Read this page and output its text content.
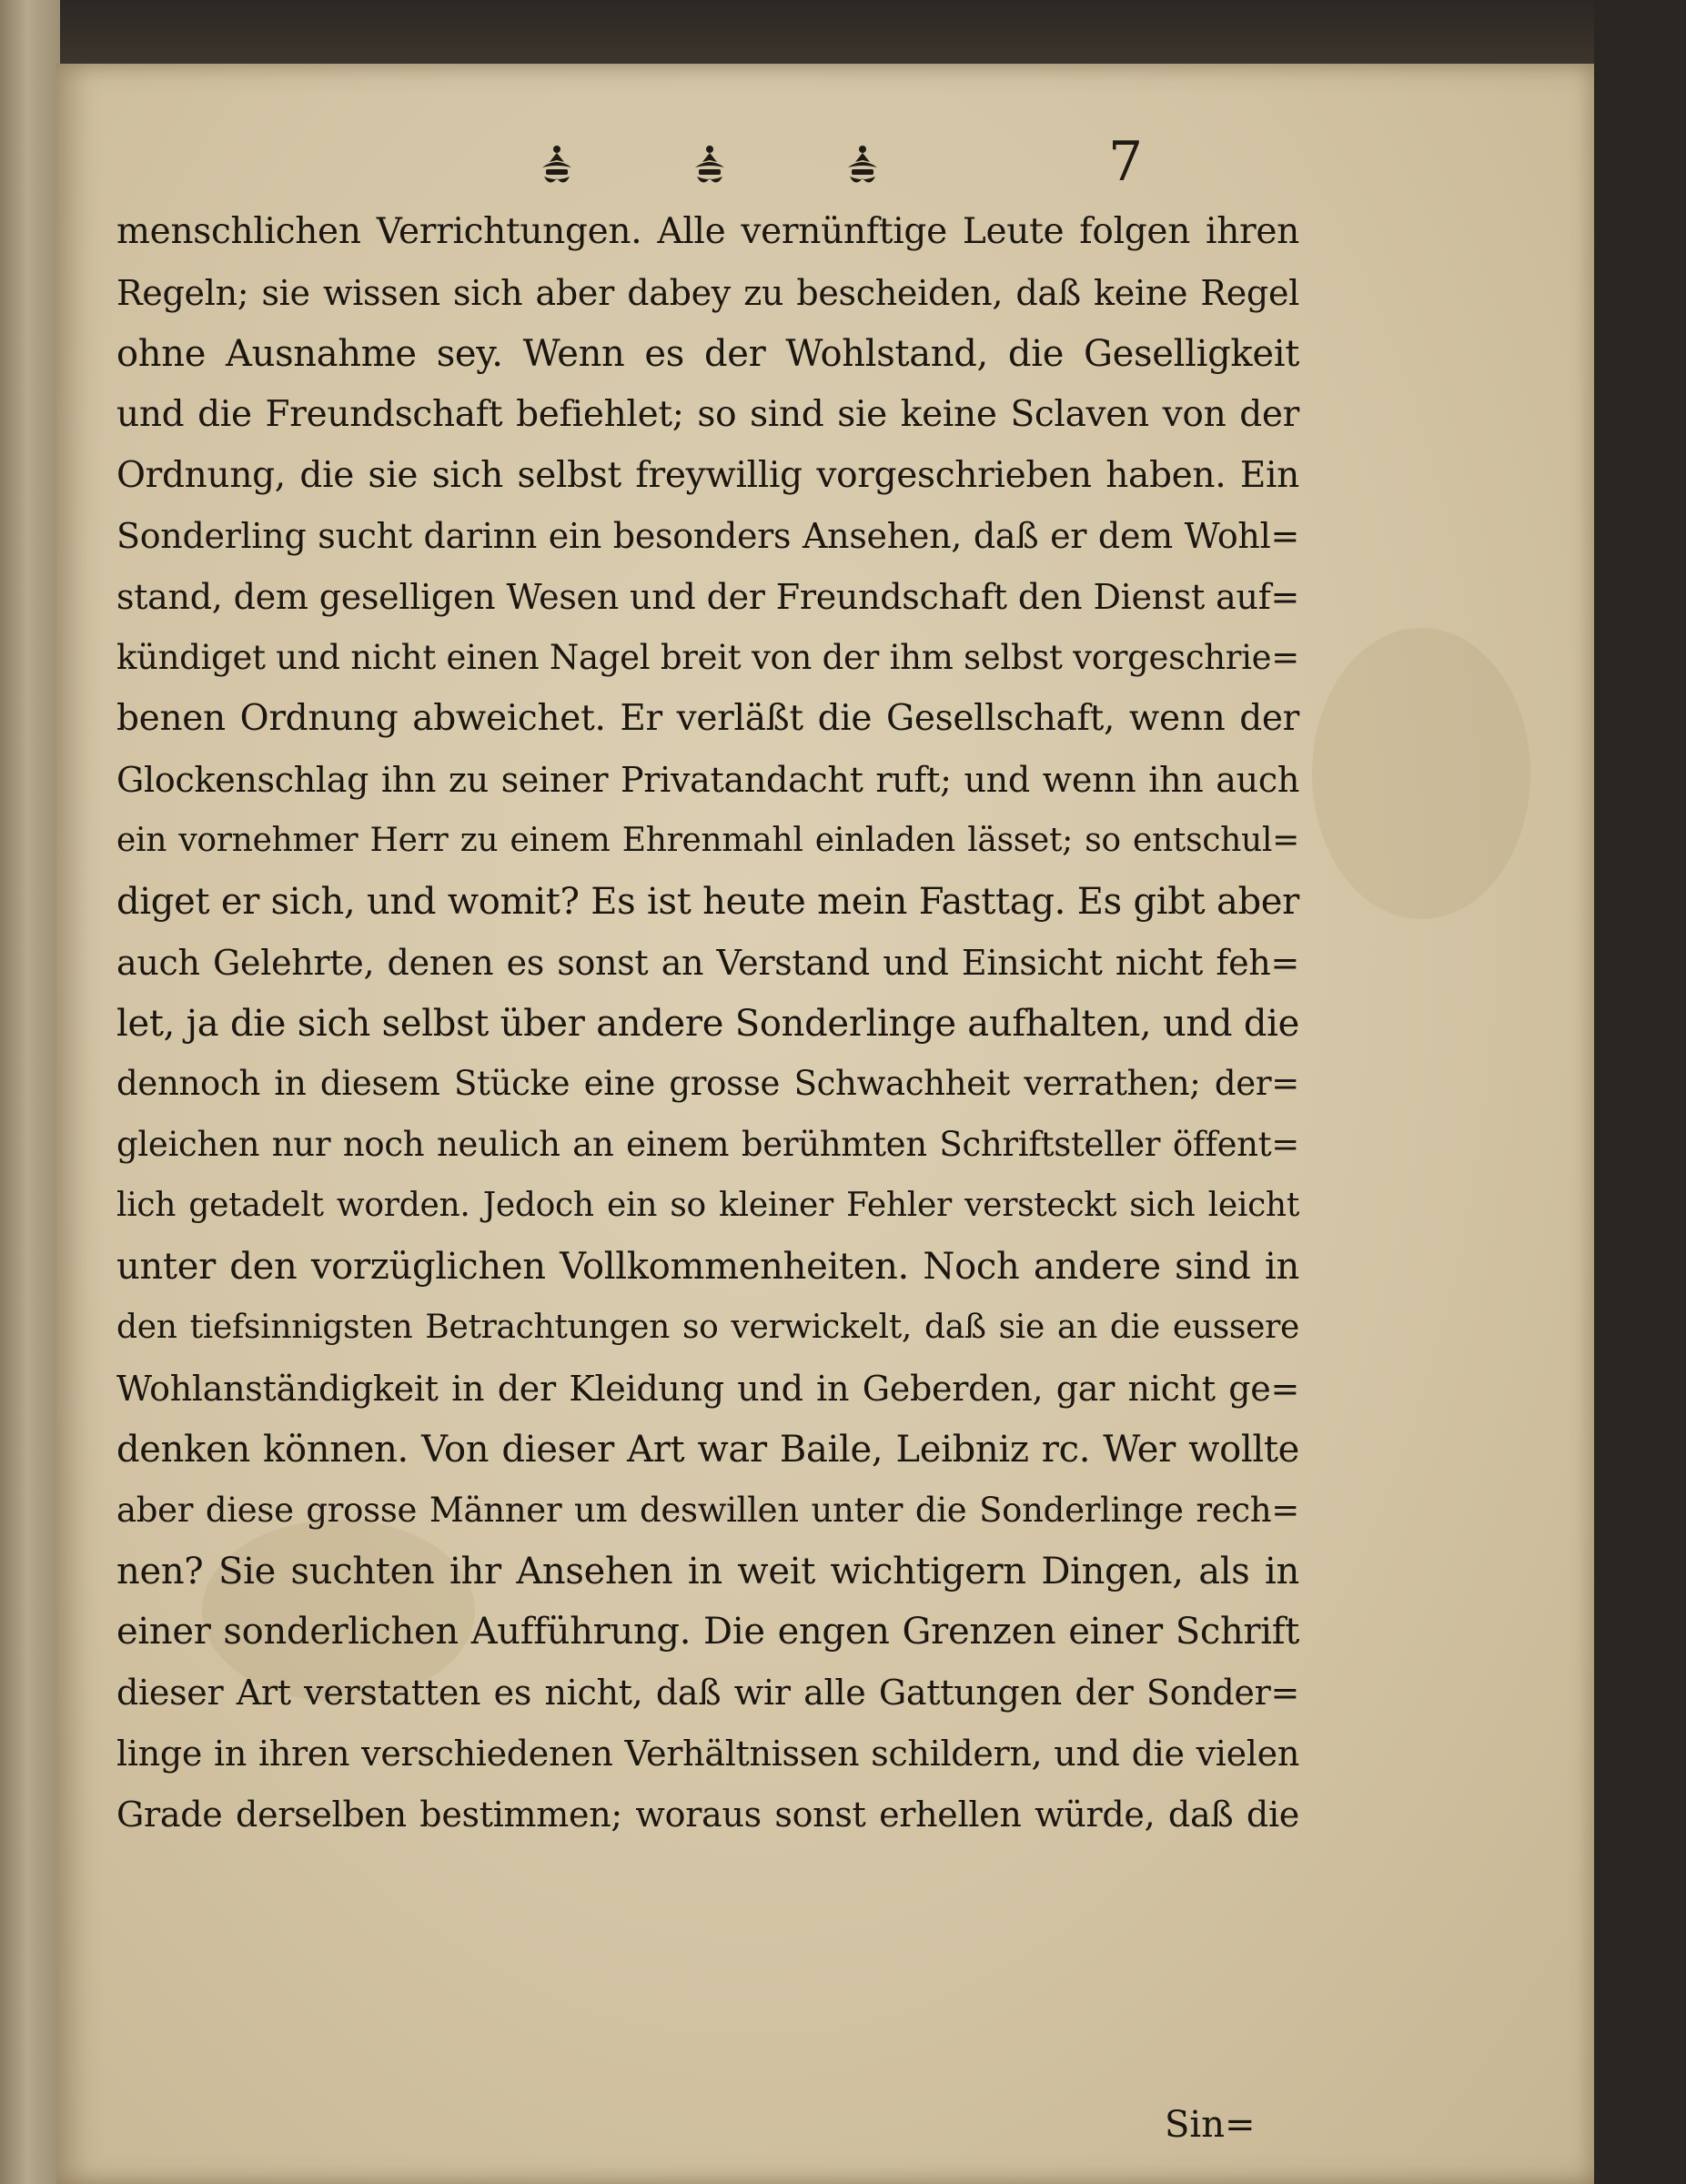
7
menschlichen Verrichtungen. Alle vernünftige Leute folgen ihren
Regeln; sie wissen sich aber dabey zu bescheiden, daß keine Regel
ohne Ausnahme sey. Wenn es der Wohlstand, die Geselligkeit
und die Freundschaft befiehlet; so sind sie keine Sclaven von der
Ordnung, die sie sich selbst freywillig vorgeschrieben haben. Ein
Sonderling sucht darinn ein besonders Ansehen, daß er dem Wohl=
stand, dem geselligen Wesen und der Freundschaft den Dienst auf=
kündiget und nicht einen Nagel breit von der ihm selbst vorgeschrie=
benen Ordnung abweichet. Er verläßt die Gesellschaft, wenn der
Glockenschlag ihn zu seiner Privatandacht ruft; und wenn ihn auch
ein vornehmer Herr zu einem Ehrenmahl einladen lässet; so entschul=
diget er sich, und womit? Es ist heute mein Fasttag. Es gibt aber
auch Gelehrte, denen es sonst an Verstand und Einsicht nicht feh=
let, ja die sich selbst über andere Sonderlinge aufhalten, und die
dennoch in diesem Stücke eine grosse Schwachheit verrathen; der=
gleichen nur noch neulich an einem berühmten Schriftsteller öffent=
lich getadelt worden. Jedoch ein so kleiner Fehler versteckt sich leicht
unter den vorzüglichen Vollkommenheiten. Noch andere sind in
den tiefsinnigsten Betrachtungen so verwickelt, daß sie an die eussere
Wohlanständigkeit in der Kleidung und in Geberden, gar nicht ge=
denken können. Von dieser Art war Baile, Leibniz rc. Wer wollte
aber diese grosse Männer um deswillen unter die Sonderlinge rech=
nen? Sie suchten ihr Ansehen in weit wichtigern Dingen, als in
einer sonderlichen Aufführung. Die engen Grenzen einer Schrift
dieser Art verstatten es nicht, daß wir alle Gattungen der Sonder=
linge in ihren verschiedenen Verhältnissen schildern, und die vielen
Grade derselben bestimmen; woraus sonst erhellen würde, daß die
Sin=
